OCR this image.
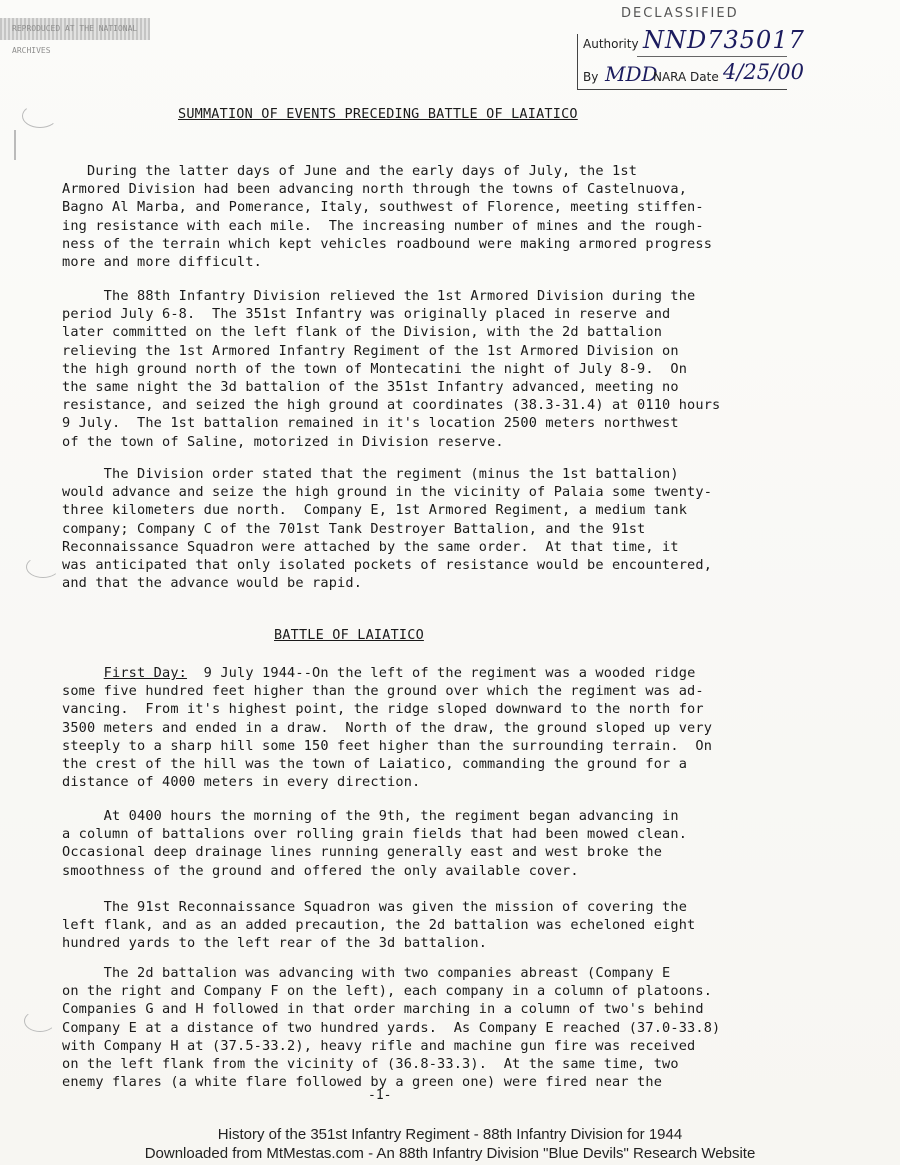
REPRODUCED AT THE NATIONAL ARCHIVES
DECLASSIFIED
Authority NND735017
By MDD
NARA Date 4/25/00
SUMMATION OF EVENTS PRECEDING BATTLE OF LAIATICO
During the latter days of June and the early days of July, the 1st
Armored Division had been advancing north through the towns of Castelnuova,
Bagno Al Marba, and Pomerance, Italy, southwest of Florence, meeting stiffen-
ing resistance with each mile.  The increasing number of mines and the rough-
ness of the terrain which kept vehicles roadbound were making armored progress
more and more difficult.
The 88th Infantry Division relieved the 1st Armored Division during the
period July 6-8.  The 351st Infantry was originally placed in reserve and
later committed on the left flank of the Division, with the 2d battalion
relieving the 1st Armored Infantry Regiment of the 1st Armored Division on
the high ground north of the town of Montecatini the night of July 8-9.  On
the same night the 3d battalion of the 351st Infantry advanced, meeting no
resistance, and seized the high ground at coordinates (38.3-31.4) at 0110 hours
9 July.  The 1st battalion remained in it's location 2500 meters northwest
of the town of Saline, motorized in Division reserve.
The Division order stated that the regiment (minus the 1st battalion)
would advance and seize the high ground in the vicinity of Palaia some twenty-
three kilometers due north.  Company E, 1st Armored Regiment, a medium tank
company; Company C of the 701st Tank Destroyer Battalion, and the 91st
Reconnaissance Squadron were attached by the same order.  At that time, it
was anticipated that only isolated pockets of resistance would be encountered,
and that the advance would be rapid.
BATTLE OF LAIATICO
First Day:  9 July 1944--On the left of the regiment was a wooded ridge
some five hundred feet higher than the ground over which the regiment was ad-
vancing.  From it's highest point, the ridge sloped downward to the north for
3500 meters and ended in a draw.  North of the draw, the ground sloped up very
steeply to a sharp hill some 150 feet higher than the surrounding terrain.  On
the crest of the hill was the town of Laiatico, commanding the ground for a
distance of 4000 meters in every direction.
At 0400 hours the morning of the 9th, the regiment began advancing in
a column of battalions over rolling grain fields that had been mowed clean.
Occasional deep drainage lines running generally east and west broke the
smoothness of the ground and offered the only available cover.
The 91st Reconnaissance Squadron was given the mission of covering the
left flank, and as an added precaution, the 2d battalion was echeloned eight
hundred yards to the left rear of the 3d battalion.
The 2d battalion was advancing with two companies abreast (Company E
on the right and Company F on the left), each company in a column of platoons.
Companies G and H followed in that order marching in a column of two's behind
Company E at a distance of two hundred yards.  As Company E reached (37.0-33.8)
with Company H at (37.5-33.2), heavy rifle and machine gun fire was received
on the left flank from the vicinity of (36.8-33.3).  At the same time, two
enemy flares (a white flare followed by a green one) were fired near the
-1-
History of the 351st Infantry Regiment - 88th Infantry Division for 1944
Downloaded from MtMestas.com - An 88th Infantry Division "Blue Devils" Research Website
